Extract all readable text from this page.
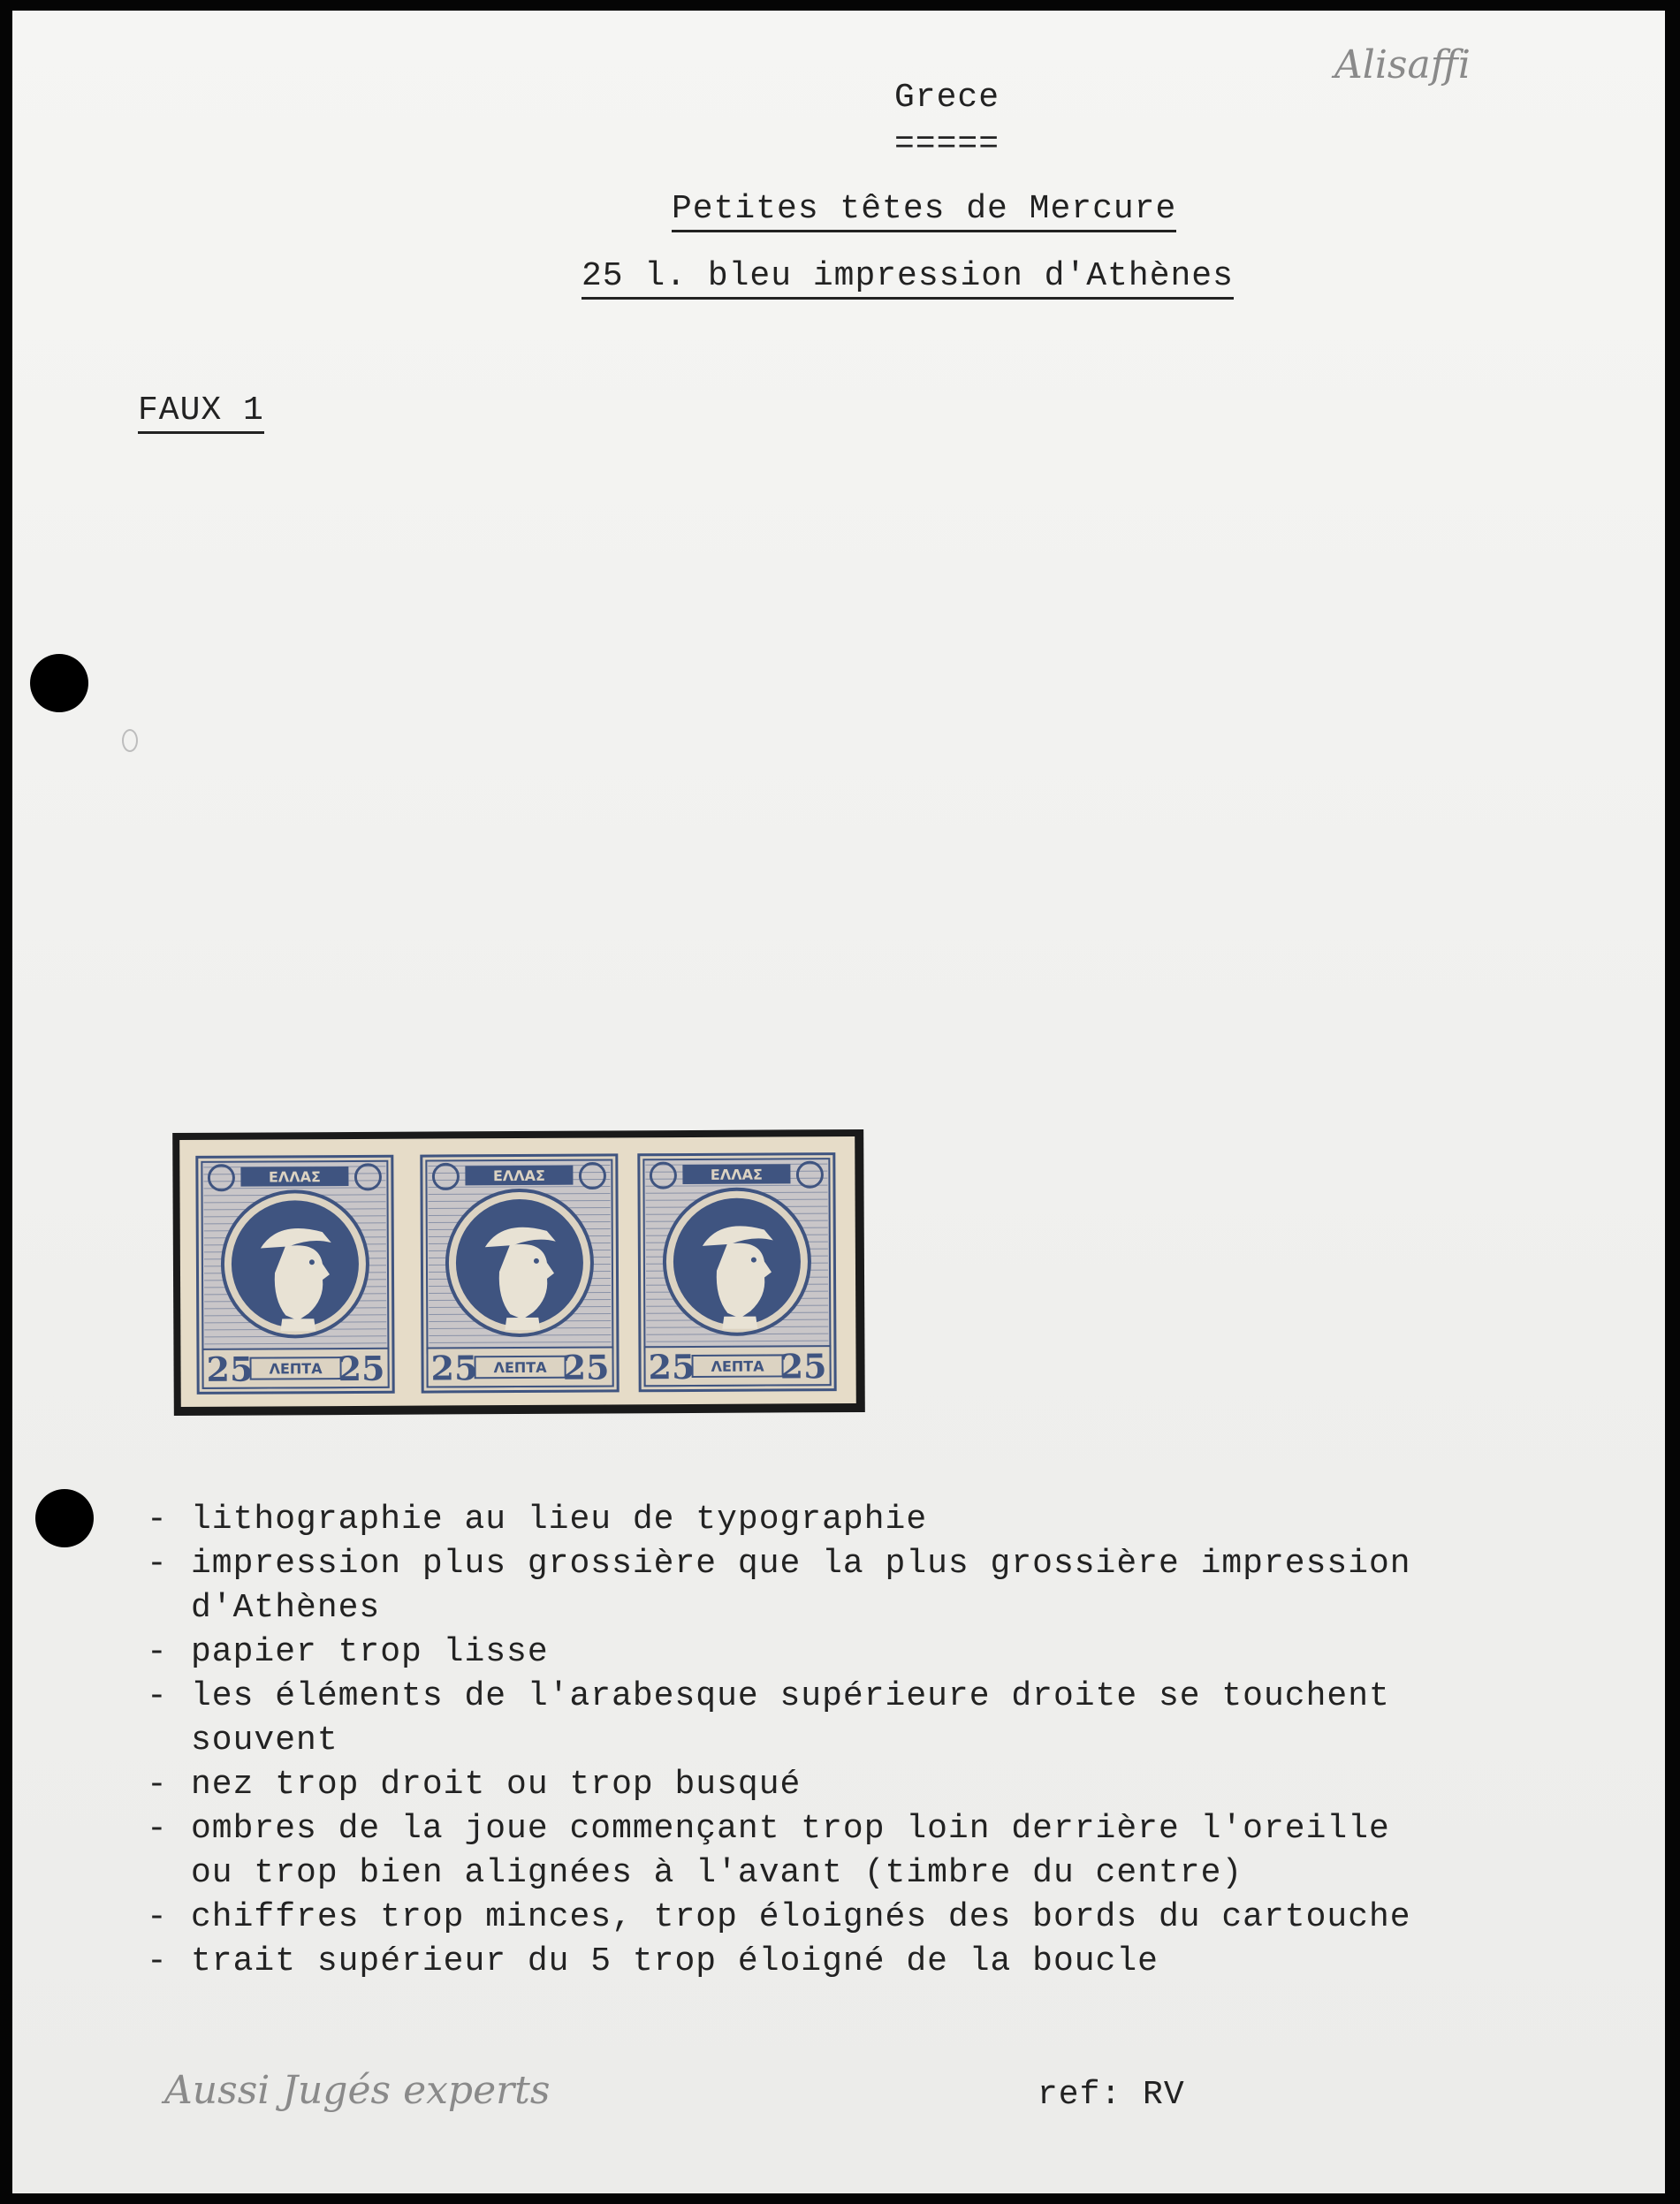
Alisaffi
Grece
=====
Petites têtes de Mercure
25 l. bleu impression d'Athènes
FAUX 1
ΕΛΛΑΣ
25	25
ΛΕΠΤΑ
ΕΛΛΑΣ
25	25
ΛΕΠΤΑ
ΕΛΛΑΣ
25	25
ΛΕΠΤΑ
- lithographie au lieu de typographie
- impression plus grossière que la plus grossière impression
d'Athènes
- papier trop lisse
- les éléments de l'arabesque supérieure droite se touchent
souvent
- nez trop droit ou trop busqué
- ombres de la joue commençant trop loin derrière l'oreille
ou trop bien alignées à l'avant (timbre du centre)
- chiffres trop minces, trop éloignés des bords du cartouche
- trait supérieur du 5 trop éloigné de la boucle
ref: RV
Aussi Jugés experts
